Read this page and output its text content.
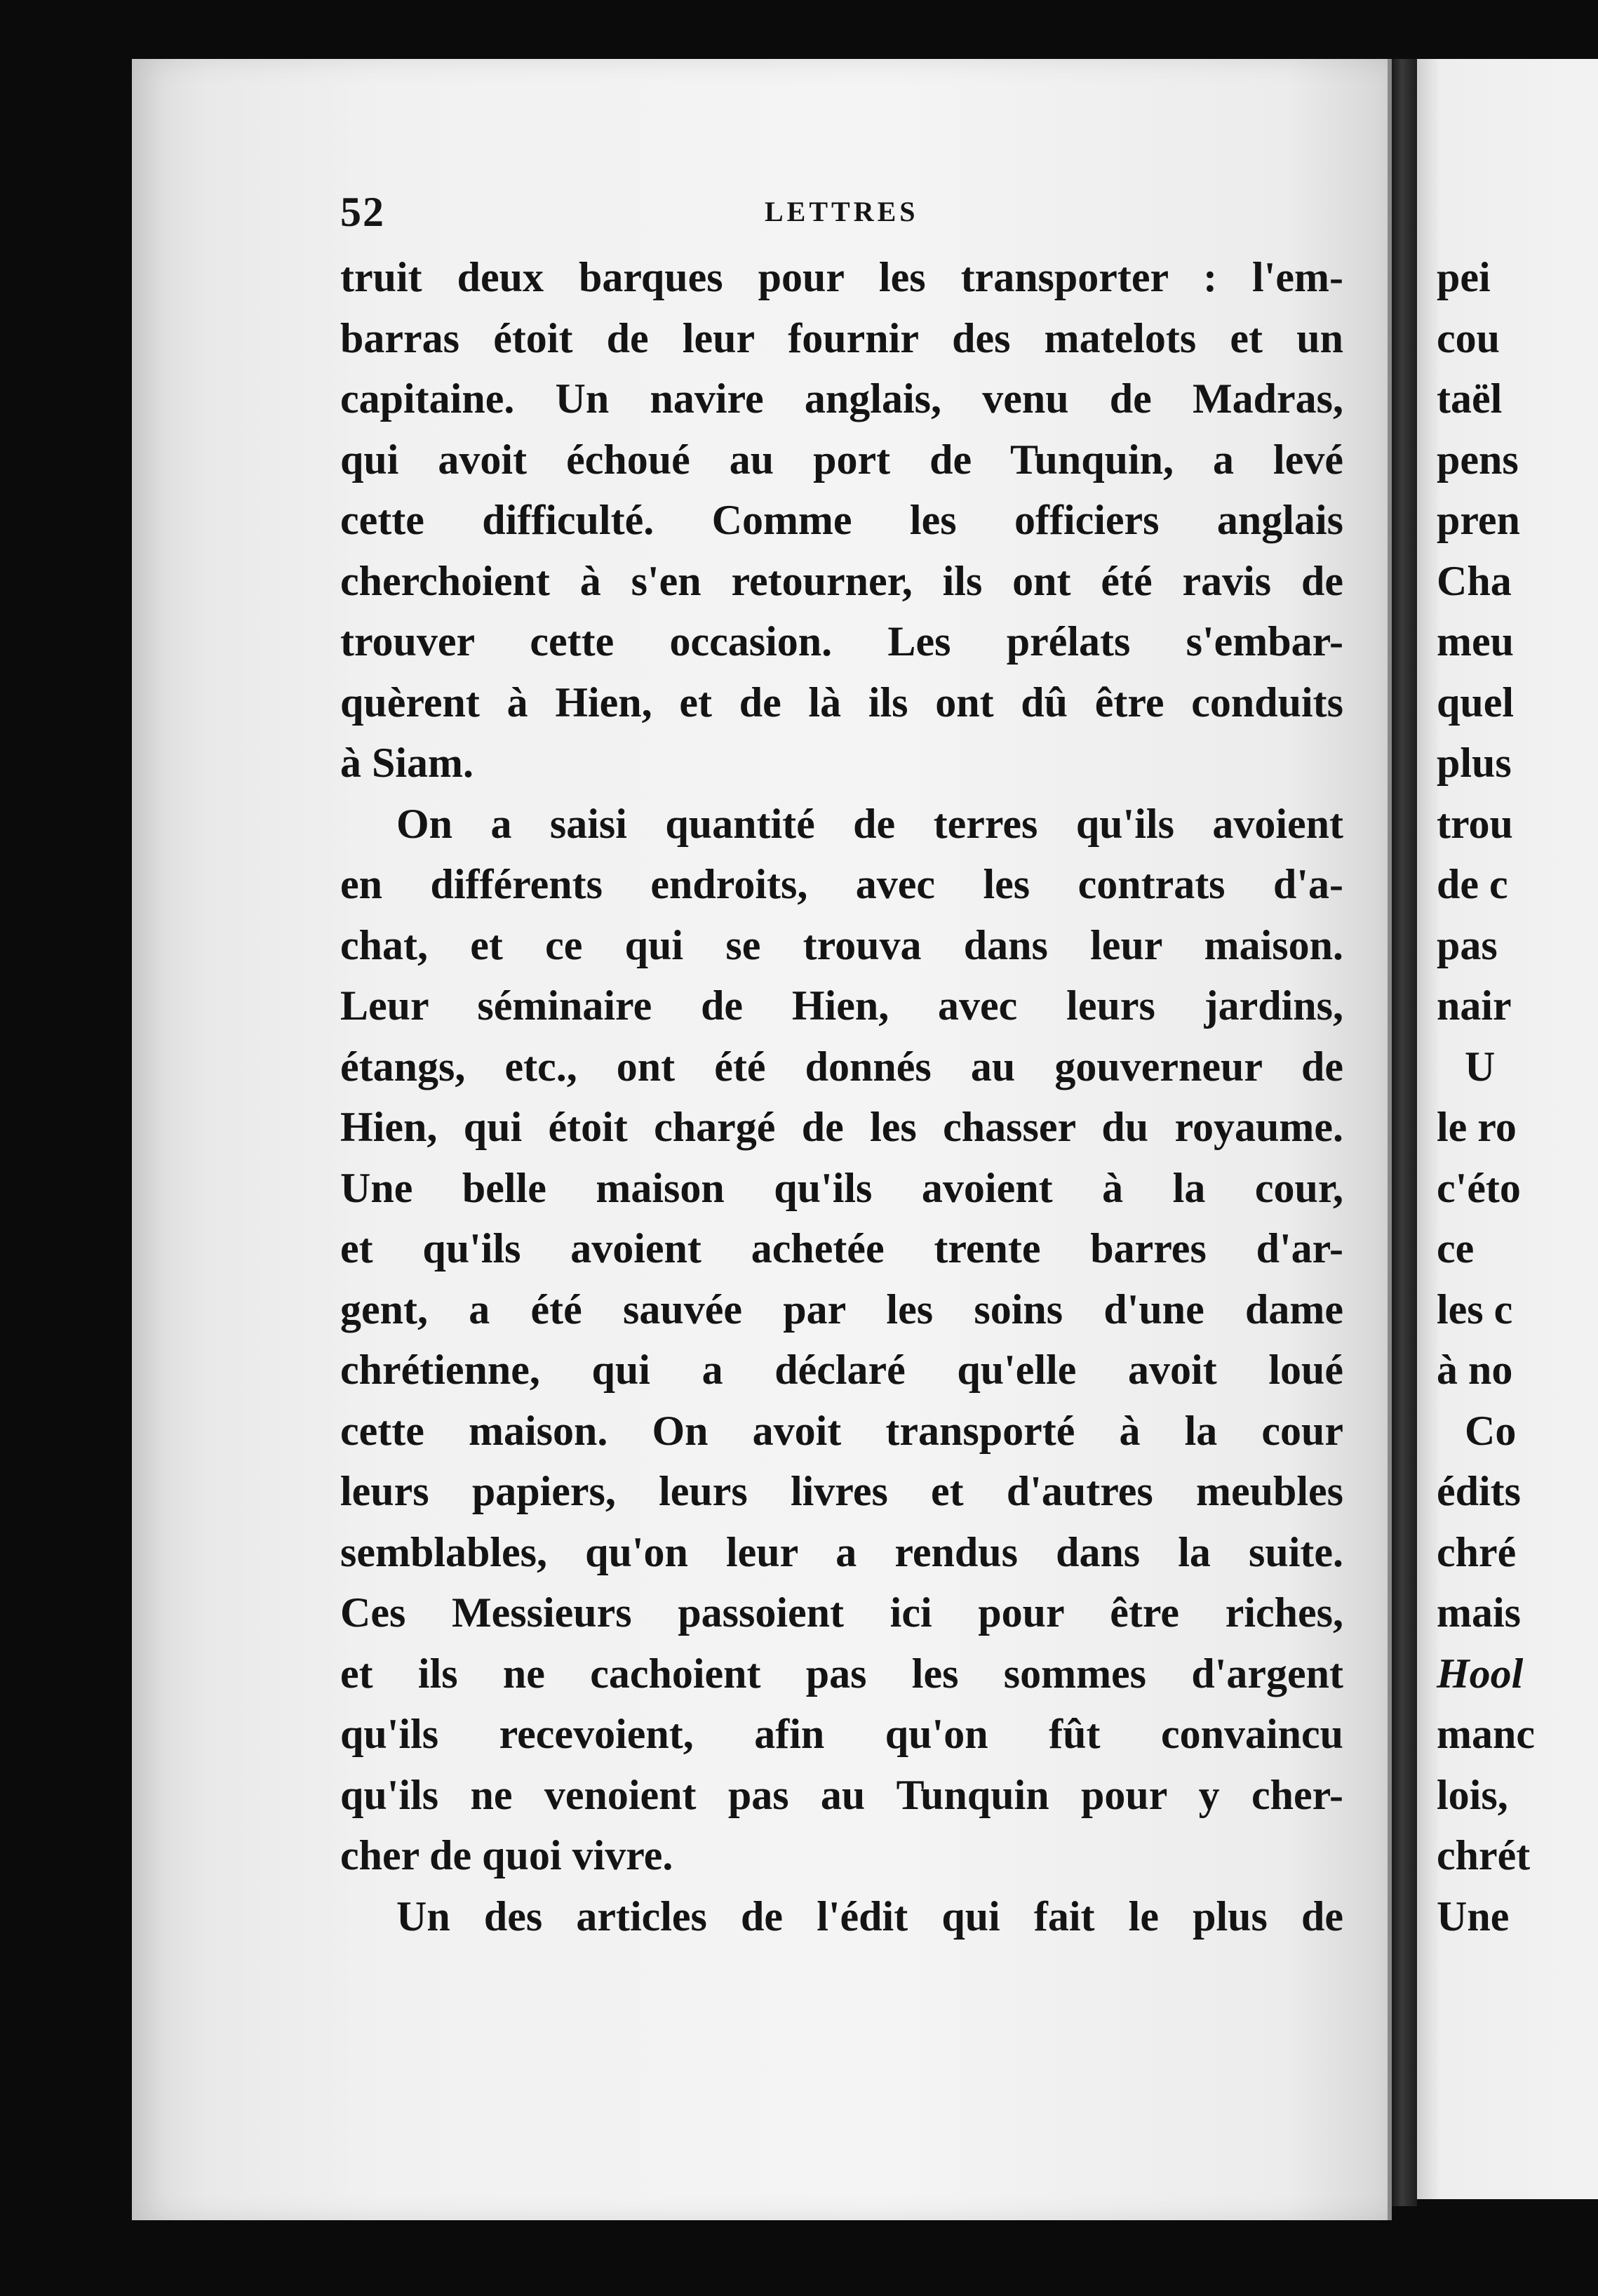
pei
cou
taël
pens
pren
Cha
meu
quel
plus
trou
de c
pas
nair
U
le ro
c'éto
ce
les c
à no
Co
édits
chré
mais
Hool
manc
lois,
chrét
Une
52	LETTRES
truit deux barques pour les transporter : l'em-
barras étoit de leur fournir des matelots et un
capitaine. Un navire anglais, venu de Madras,
qui avoit échoué au port de Tunquin, a levé
cette difficulté. Comme les officiers anglais
cherchoient à s'en retourner, ils ont été ravis de
trouver cette occasion. Les prélats s'embar-
quèrent à Hien, et de là ils ont dû être conduits
à Siam.
On a saisi quantité de terres qu'ils avoient
en différents endroits, avec les contrats d'a-
chat, et ce qui se trouva dans leur maison.
Leur séminaire de Hien, avec leurs jardins,
étangs, etc., ont été donnés au gouverneur de
Hien, qui étoit chargé de les chasser du royaume.
Une belle maison qu'ils avoient à la cour,
et qu'ils avoient achetée trente barres d'ar-
gent, a été sauvée par les soins d'une dame
chrétienne, qui a déclaré qu'elle avoit loué
cette maison. On avoit transporté à la cour
leurs papiers, leurs livres et d'autres meubles
semblables, qu'on leur a rendus dans la suite.
Ces Messieurs passoient ici pour être riches,
et ils ne cachoient pas les sommes d'argent
qu'ils recevoient, afin qu'on fût convaincu
qu'ils ne venoient pas au Tunquin pour y cher-
cher de quoi vivre.
Un des articles de l'édit qui fait le plus de
